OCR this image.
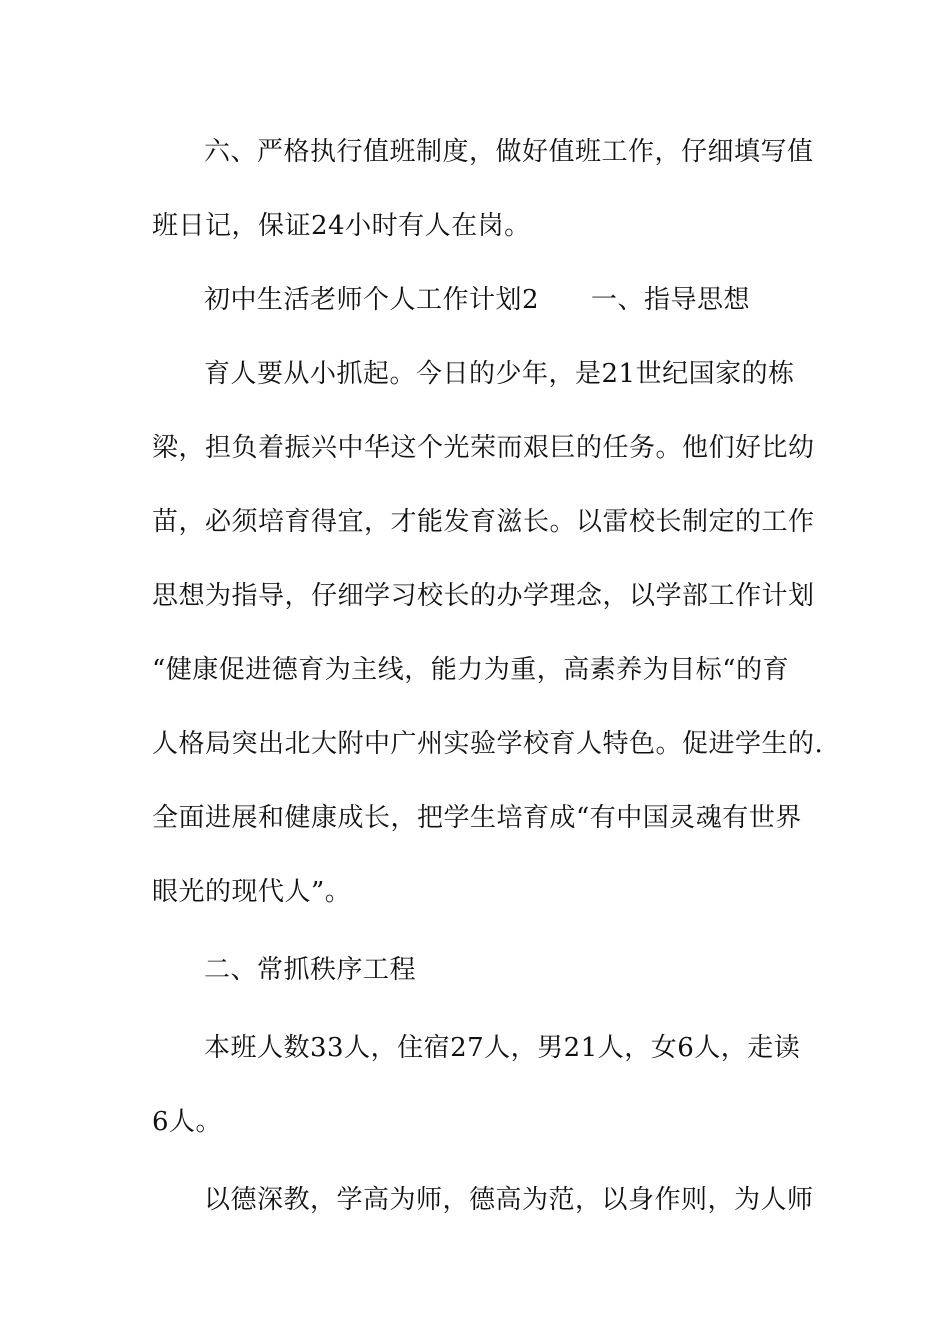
六、严格执行值班制度，做好值班工作，仔细填写值
班日记，保证24小时有人在岗。
初中生活老师个人工作计划2 一、指导思想
育人要从小抓起。今日的少年，是21世纪国家的栋
梁，担负着振兴中华这个光荣而艰巨的任务。他们好比幼
苗，必须培育得宜，才能发育滋长。以雷校长制定的工作
思想为指导，仔细学习校长的办学理念，以学部工作计划
“健康促进德育为主线，能力为重，高素养为目标“的育
人格局突出北大附中广州实验学校育人特色。促进学生的.
全面进展和健康成长，把学生培育成“有中国灵魂有世界
眼光的现代人”。
二、常抓秩序工程
本班人数33人，住宿27人，男21人，女6人，走读
6人。
以德深教，学高为师，德高为范，以身作则，为人师
